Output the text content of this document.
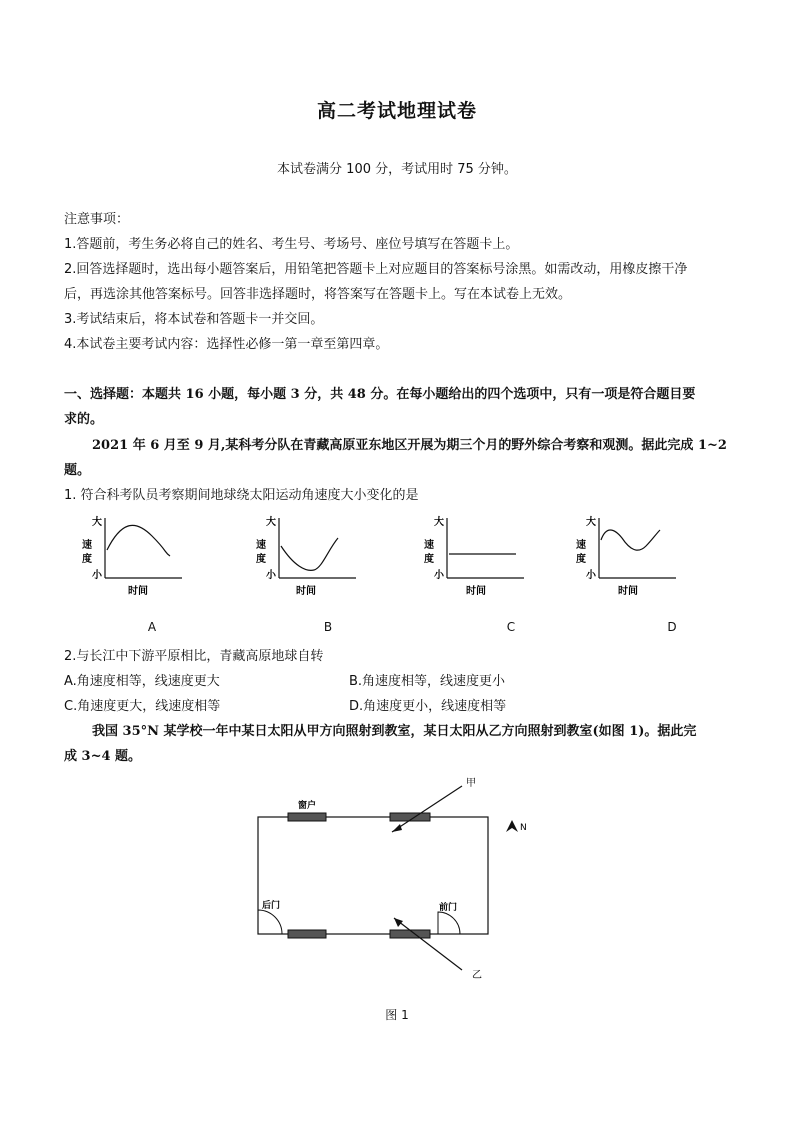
高二考试地理试卷
本试卷满分 100 分，考试用时 75 分钟。
注意事项：
1.答题前，考生务必将自己的姓名、考生号、考场号、座位号填写在答题卡上。
2.回答选择题时，选出每小题答案后，用铅笔把答题卡上对应题目的答案标号涂黑。如需改动，用橡皮擦干净
后，再选涂其他答案标号。回答非选择题时，将答案写在答题卡上。写在本试卷上无效。
3.考试结束后，将本试卷和答题卡一并交回。
4.本试卷主要考试内容：选择性必修一第一章至第四章。
一、选择题：本题共 16 小题，每小题 3 分，共 48 分。在每小题给出的四个选项中，只有一项是符合题目要
求的。
2021 年 6 月至 9 月,某科考分队在青藏高原亚东地区开展为期三个月的野外综合考察和观测。据此完成 1~2
题。
1. 符合科考队员考察期间地球绕太阳运动角速度大小变化的是
大
速
度
小
时间
大
速
度
小
时间
大
速
度
小
时间
大
速
度
小
时间
A	B	C	D
2.与长江中下游平原相比，青藏高原地球自转
A.角速度相等，线速度更大	B.角速度相等，线速度更小
C.角速度更大，线速度相等	D.角速度更小，线速度相等
我国 35°N 某学校一年中某日太阳从甲方向照射到教室，某日太阳从乙方向照射到教室(如图 1)。据此完
成 3~4 题。
窗户
后门	前门
甲
乙
N
图 1
